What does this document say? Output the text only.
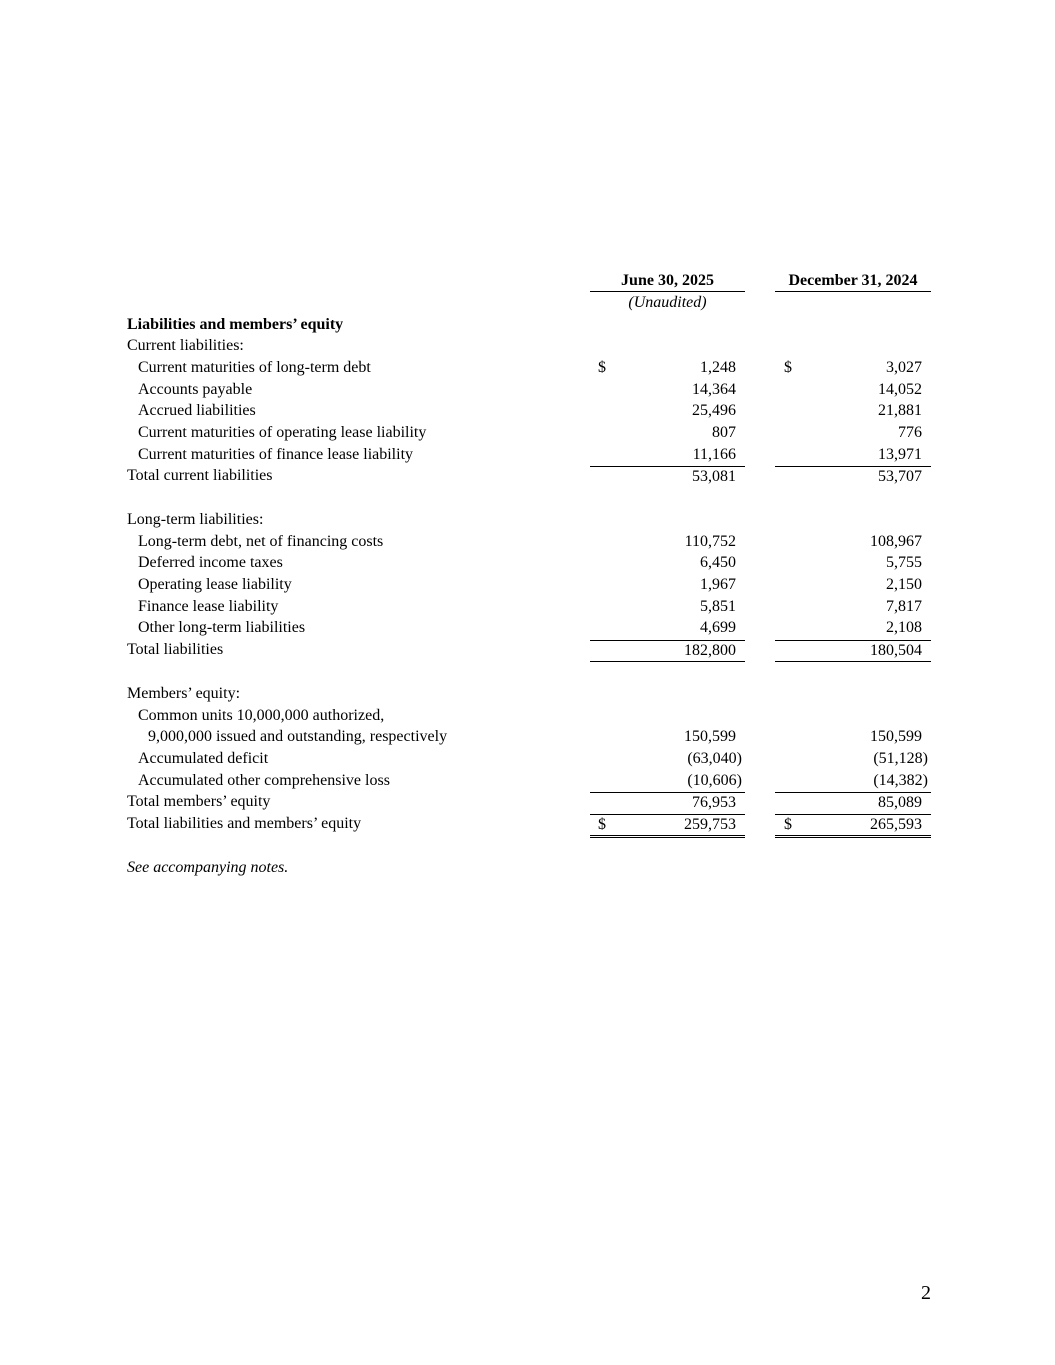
June 30, 2025	December 31, 2024
(Unaudited)
Liabilities and members’ equity
Current liabilities:
Current maturities of long-term debt	$	1,248	$	3,027
Accounts payable	14,364	14,052
Accrued liabilities	25,496	21,881
Current maturities of operating lease liability	807	776
Current maturities of finance lease liability	11,166	13,971
Total current liabilities	53,081	53,707
Long-term liabilities:
Long-term debt, net of financing costs	110,752	108,967
Deferred income taxes	6,450	5,755
Operating lease liability	1,967	2,150
Finance lease liability	5,851	7,817
Other long-term liabilities	4,699	2,108
Total liabilities	182,800	180,504
Members’ equity:
Common units 10,000,000 authorized,
9,000,000 issued and outstanding, respectively	150,599	150,599
Accumulated deficit	(63,040)	(51,128)
Accumulated other comprehensive loss	(10,606)	(14,382)
Total members’ equity	76,953	85,089
Total liabilities and members’ equity	$	259,753	$	265,593
See accompanying notes.
2
